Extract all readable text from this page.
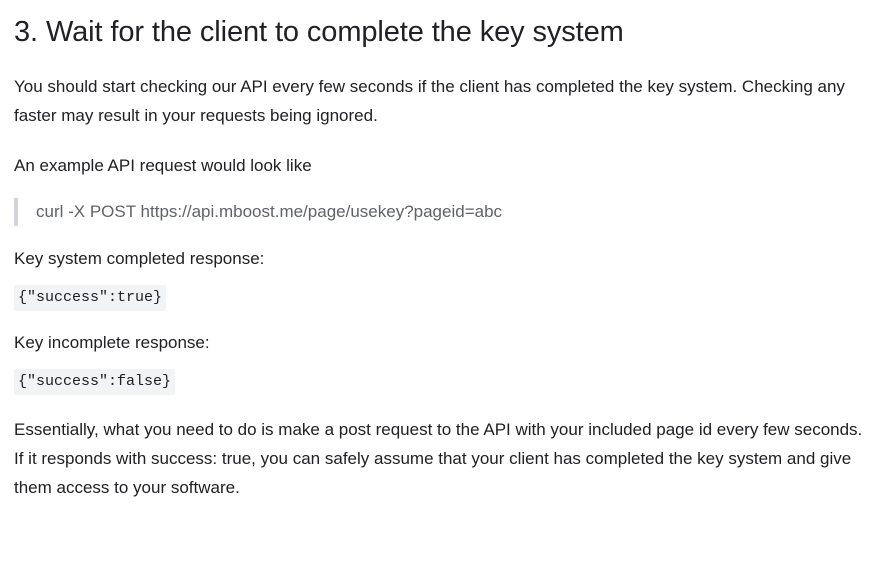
3. Wait for the client to complete the key system

You should start checking our API every few seconds if the client has completed the key system. Checking any faster may result in your requests being ignored.

An example API request would look like

curl -X POST https://api.mboost.me/page/usekey?pageid=abc

Key system completed response:

{"success":true}

Key incomplete response:

{"success":false}

Essentially, what you need to do is make a post request to the API with your included page id every few seconds. If it responds with success: true, you can safely assume that your client has completed the key system and give them access to your software.
